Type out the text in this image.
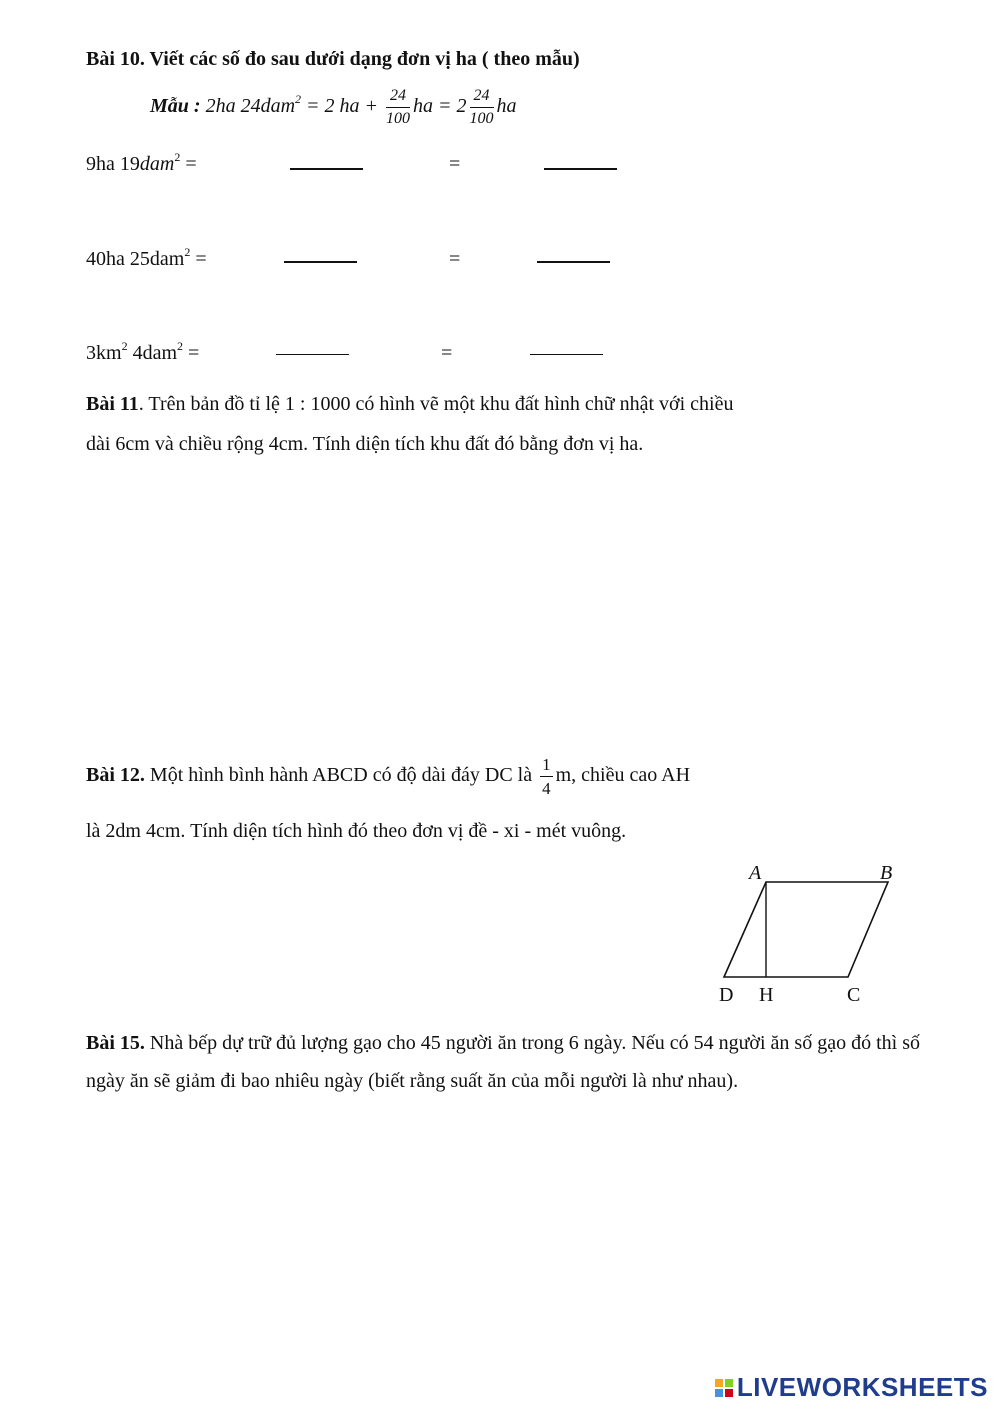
Bài 10. Viết các số đo sau dưới dạng đơn vị ha ( theo mẫu)
Mẫu : 2ha 24dam$^2$ = 2 ha + $\frac{24}{100}$ ha = $2 \frac{24}{100}$ ha
9ha 19dam$^2$ =	=
40ha 25dam$^2$ =	=
$3km^2$ 4dam$^2$ =	=
Bài 11. Trên bản đồ tỉ lệ 1 : 1000 có hình vẽ một khu đất hình chữ nhật với chiều
dài 6cm và chiều rộng 4cm. Tính diện tích khu đất đó bằng đơn vị ha.
Bài 12. Một hình bình hành ABCD có độ dài đáy DC là $\frac{1}{4} m$, chiều cao AH
là 2dm 4cm. Tính diện tích hình đó theo đơn vị đề - xi - mét vuông.
A	B
D H	C
Bài 15. Nhà bếp dự trữ đủ lượng gạo cho 45 người ăn trong 6 ngày. Nếu có 54 người ăn số gạo đó thì số ngày ăn sẽ giảm đi bao nhiêu ngày (biết rằng suất ăn của mỗi người là như nhau).
LIVEWORKSHEETS
